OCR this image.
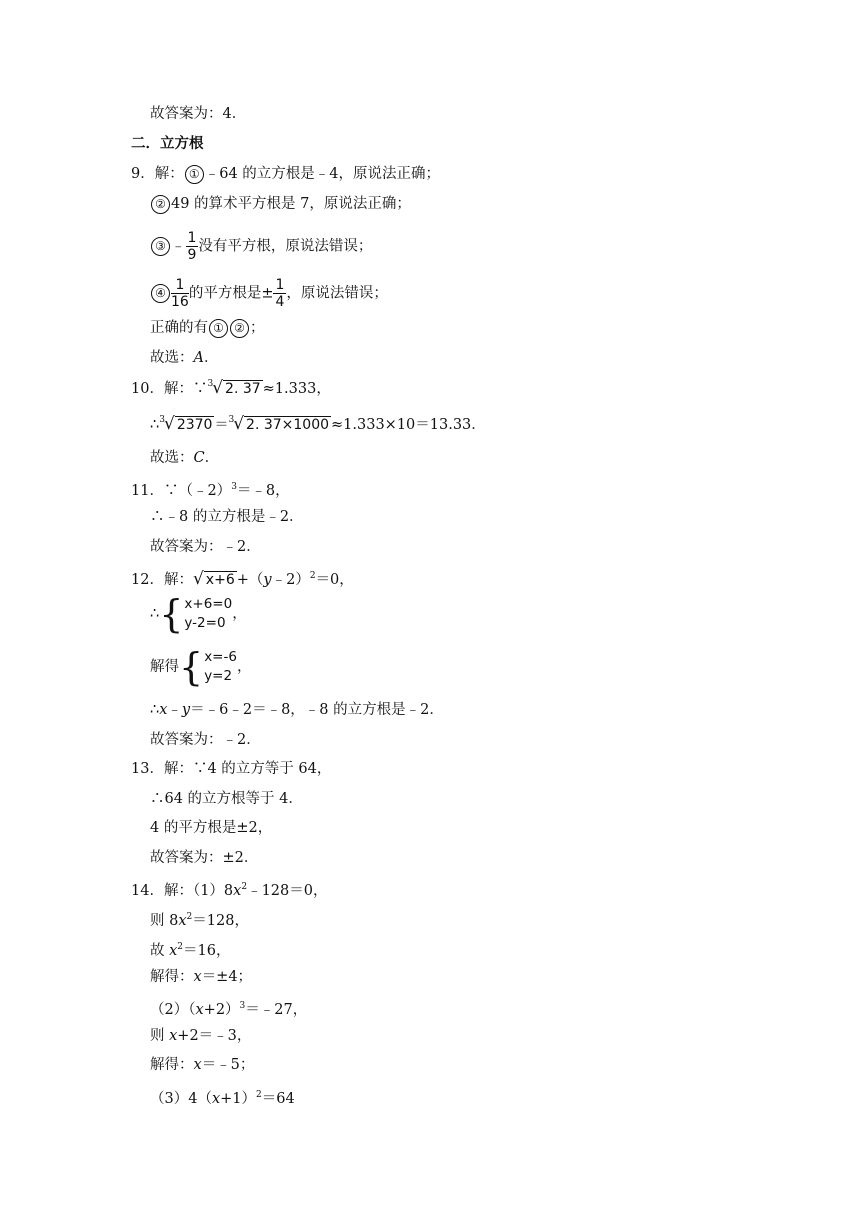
故答案为：4．
二．立方根
9．解： ① ﹣64 的立方根是﹣4，原说法正确；
② 49 的算术平方根是 7，原说法正确；
③ ﹣ $\frac{1}{9}$ 没有平方根，原说法错误；
④ $\frac{1}{16}$ 的平方根是± $\frac{1}{4}$ ，原说法错误；
正确的有 ① ② ；
故选：A．
10．解：∵$^3$√ 2. 37 ≈1.333，
∴$^3$√ 2370 ＝$^3$√ 2. 37×1000 ≈1.333×10＝13.33．
故选：C．
11．∵（﹣2）$^3$＝﹣8，
∴﹣8 的立方根是﹣2．
故答案为：﹣2．
12．解：√ x+6 +（y﹣2）$^2$＝0，
∴{ x+6=0
y-2=0
，
解得{ x=-6
y=2
，
∴x﹣y＝﹣6﹣2＝﹣8，﹣8 的立方根是﹣2．
故答案为：﹣2．
13．解：∵4 的立方等于 64，
∴64 的立方根等于 4．
4 的平方根是±2，
故答案为：±2．
14．解：$(1)8x^2﹣128=0$，
则 $8x^2=128$，
故 $x^2=16$，
解得：x＝±4；
$(2)(x+2)^3=﹣27$，
则 x+2＝﹣3，
解得：x＝﹣5；
$(3)4(x+1)^2=64$
